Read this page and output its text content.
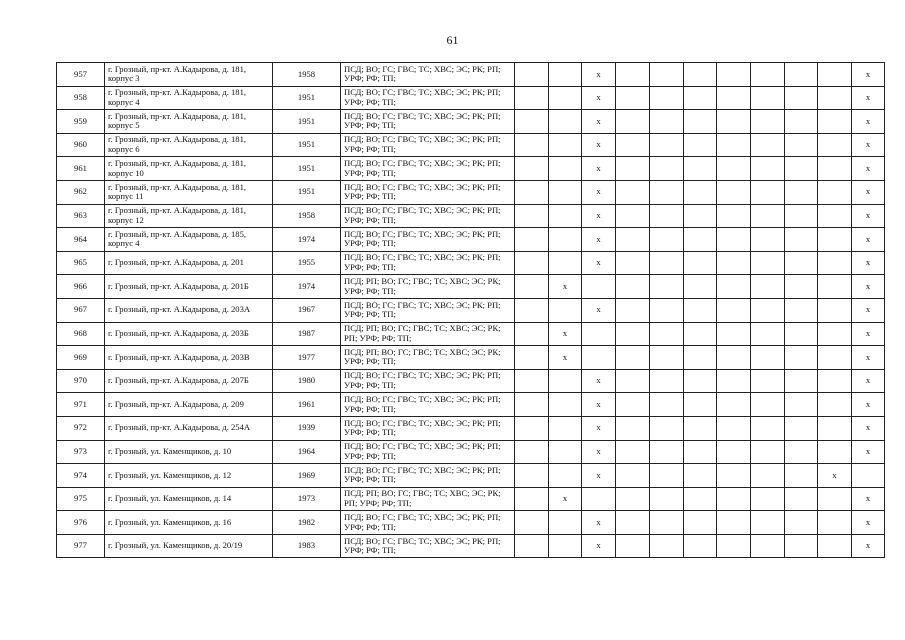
61
957	г. Грозный, пр-кт. А.Кадырова, д. 181, корпус 3	1958	ПСД; ВО; ГС; ГВС; ТС; ХВС; ЭС; РК; РП; УРФ; РФ; ТП;			х								х
958	г. Грозный, пр-кт. А.Кадырова, д. 181, корпус 4	1951	ПСД; ВО; ГС; ГВС; ТС; ХВС; ЭС; РК; РП; УРФ; РФ; ТП;			х								х
959	г. Грозный, пр-кт. А.Кадырова, д. 181, корпус 5	1951	ПСД; ВО; ГС; ГВС; ТС; ХВС; ЭС; РК; РП; УРФ; РФ; ТП;			х								х
960	г. Грозный, пр-кт. А.Кадырова, д. 181, корпус 6	1951	ПСД; ВО; ГС; ГВС; ТС; ХВС; ЭС; РК; РП; УРФ; РФ; ТП;			х								х
961	г. Грозный, пр-кт. А.Кадырова, д. 181, корпус 10	1951	ПСД; ВО; ГС; ГВС; ТС; ХВС; ЭС; РК; РП; УРФ; РФ; ТП;			х								х
962	г. Грозный, пр-кт. А.Кадырова, д. 181, корпус 11	1951	ПСД; ВО; ГС; ГВС; ТС; ХВС; ЭС; РК; РП; УРФ; РФ; ТП;			х								х
963	г. Грозный, пр-кт. А.Кадырова, д. 181, корпус 12	1958	ПСД; ВО; ГС; ГВС; ТС; ХВС; ЭС; РК; РП; УРФ; РФ; ТП;			х								х
964	г. Грозный, пр-кт. А.Кадырова, д. 185, корпус 4	1974	ПСД; ВО; ГС; ГВС; ТС; ХВС; ЭС; РК; РП; УРФ; РФ; ТП;			х								х
965	г. Грозный, пр-кт. А.Кадырова, д. 201	1955	ПСД; ВО; ГС; ГВС; ТС; ХВС; ЭС; РК; РП; УРФ; РФ; ТП;			х								х
966	г. Грозный, пр-кт. А.Кадырова, д. 201Б	1974	ПСД; РП; ВО; ГС; ГВС; ТС; ХВС; ЭС; РК; УРФ; РФ; ТП;		х									х
967	г. Грозный, пр-кт. А.Кадырова, д. 203А	1967	ПСД; ВО; ГС; ГВС; ТС; ХВС; ЭС; РК; РП; УРФ; РФ; ТП;			х								х
968	г. Грозный, пр-кт. А.Кадырова, д. 203Б	1987	ПСД; РП; ВО; ГС; ГВС; ТС; ХВС; ЭС; РК; РП; УРФ; РФ; ТП;		х									х
969	г. Грозный, пр-кт. А.Кадырова, д. 203В	1977	ПСД; РП; ВО; ГС; ГВС; ТС; ХВС; ЭС; РК; УРФ; РФ; ТП;		х									х
970	г. Грозный, пр-кт. А.Кадырова, д. 207Б	1980	ПСД; ВО; ГС; ГВС; ТС; ХВС; ЭС; РК; РП; УРФ; РФ; ТП;			х								х
971	г. Грозный, пр-кт. А.Кадырова, д. 209	1961	ПСД; ВО; ГС; ГВС; ТС; ХВС; ЭС; РК; РП; УРФ; РФ; ТП;			х								х
972	г. Грозный, пр-кт. А.Кадырова, д. 254А	1939	ПСД; ВО; ГС; ГВС; ТС; ХВС; ЭС; РК; РП; УРФ; РФ; ТП;			х								х
973	г. Грозный, ул. Каменщиков, д. 10	1964	ПСД; ВО; ГС; ГВС; ТС; ХВС; ЭС; РК; РП; УРФ; РФ; ТП;			х								х
974	г. Грозный, ул. Каменщиков, д. 12	1969	ПСД; ВО; ГС; ГВС; ТС; ХВС; ЭС; РК; РП; УРФ; РФ; ТП;			х							х	
975	г. Грозный, ул. Каменщиков, д. 14	1973	ПСД; РП; ВО; ГС; ГВС; ТС; ХВС; ЭС; РК; РП; УРФ; РФ; ТП;		х									х
976	г. Грозный, ул. Каменщиков, д. 16	1982	ПСД; ВО; ГС; ГВС; ТС; ХВС; ЭС; РК; РП; УРФ; РФ; ТП;			х								х
977	г. Грозный, ул. Каменщиков, д. 20/19	1983	ПСД; ВО; ГС; ГВС; ТС; ХВС; ЭС; РК; РП; УРФ; РФ; ТП;			х								х
